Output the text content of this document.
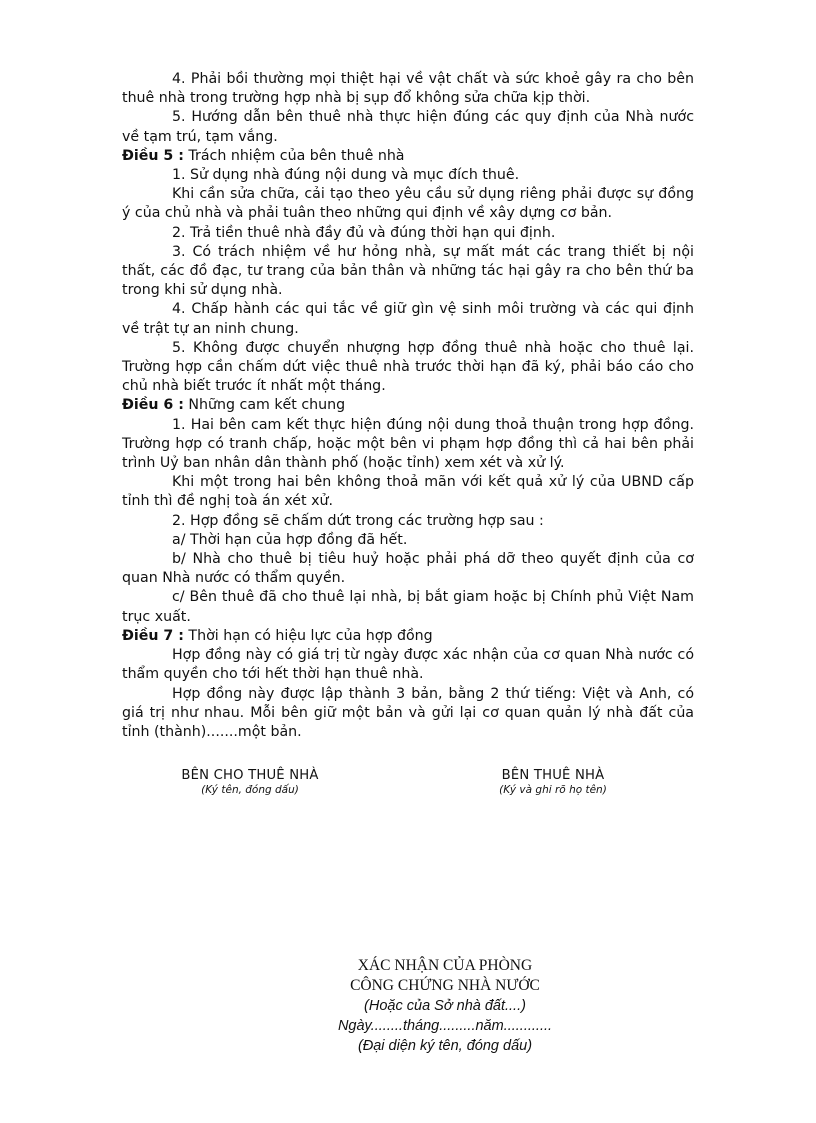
4. Phải bồi thường mọi thiệt hại về vật chất và sức khoẻ gây ra cho bên thuê nhà trong trường hợp nhà bị sụp đổ không sửa chữa kịp thời.

5. Hướng dẫn bên thuê nhà thực hiện đúng các quy định của Nhà nước về tạm trú, tạm vắng.

Điều 5 : Trách nhiệm của bên thuê nhà

1. Sử dụng nhà đúng nội dung và mục đích thuê.

Khi cần sửa chữa, cải tạo theo yêu cầu sử dụng riêng phải được sự đồng ý của chủ nhà và phải tuân theo những qui định về xây dựng cơ bản.

2. Trả tiền thuê nhà đầy đủ và đúng thời hạn qui định.

3. Có trách nhiệm về hư hỏng nhà, sự mất mát các trang thiết bị nội thất, các đồ đạc, tư trang của bản thân và những tác hại gây ra cho bên thứ ba trong khi sử dụng nhà.

4. Chấp hành các qui tắc về giữ gìn vệ sinh môi trường và các qui định về trật tự an ninh chung.

5. Không được chuyển nhượng hợp đồng thuê nhà hoặc cho thuê lại. Trường hợp cần chấm dứt việc thuê nhà trước thời hạn đã ký, phải báo cáo cho chủ nhà biết trước ít nhất một tháng.

Điều 6 : Những cam kết chung

1. Hai bên cam kết thực hiện đúng nội dung thoả thuận trong hợp đồng. Trường hợp có tranh chấp, hoặc một bên vi phạm hợp đồng thì cả hai bên phải trình Uỷ ban nhân dân thành phố (hoặc tỉnh) xem xét và xử lý.

Khi một trong hai bên không thoả mãn với kết quả xử lý của UBND cấp tỉnh thì đề nghị toà án xét xử.

2. Hợp đồng sẽ chấm dứt trong các trường hợp sau :

a/ Thời hạn của hợp đồng đã hết.

b/ Nhà cho thuê bị tiêu huỷ hoặc phải phá dỡ theo quyết định của cơ quan Nhà nước có thẩm quyền.

c/ Bên thuê đã cho thuê lại nhà, bị bắt giam hoặc bị Chính phủ Việt Nam trục xuất.

Điều 7 : Thời hạn có hiệu lực của hợp đồng

Hợp đồng này có giá trị từ ngày được xác nhận của cơ quan Nhà nước có thẩm quyền cho tới hết thời hạn thuê nhà.

Hợp đồng này được lập thành 3 bản, bằng 2 thứ tiếng: Việt và Anh, có giá trị như nhau. Mỗi bên giữ một bản và gửi lại cơ quan quản lý nhà đất của tỉnh (thành).......một bản.

BÊN CHO THUÊ NHÀ
(Ký tên, đóng dấu)
BÊN THUÊ NHÀ
(Ký và ghi rõ họ tên)
XÁC NHẬN CỦA PHÒNG
CÔNG CHỨNG NHÀ NƯỚC
(Hoặc của Sở nhà đất....)
Ngày........tháng.........năm............
(Đại diện ký tên, đóng dấu)
